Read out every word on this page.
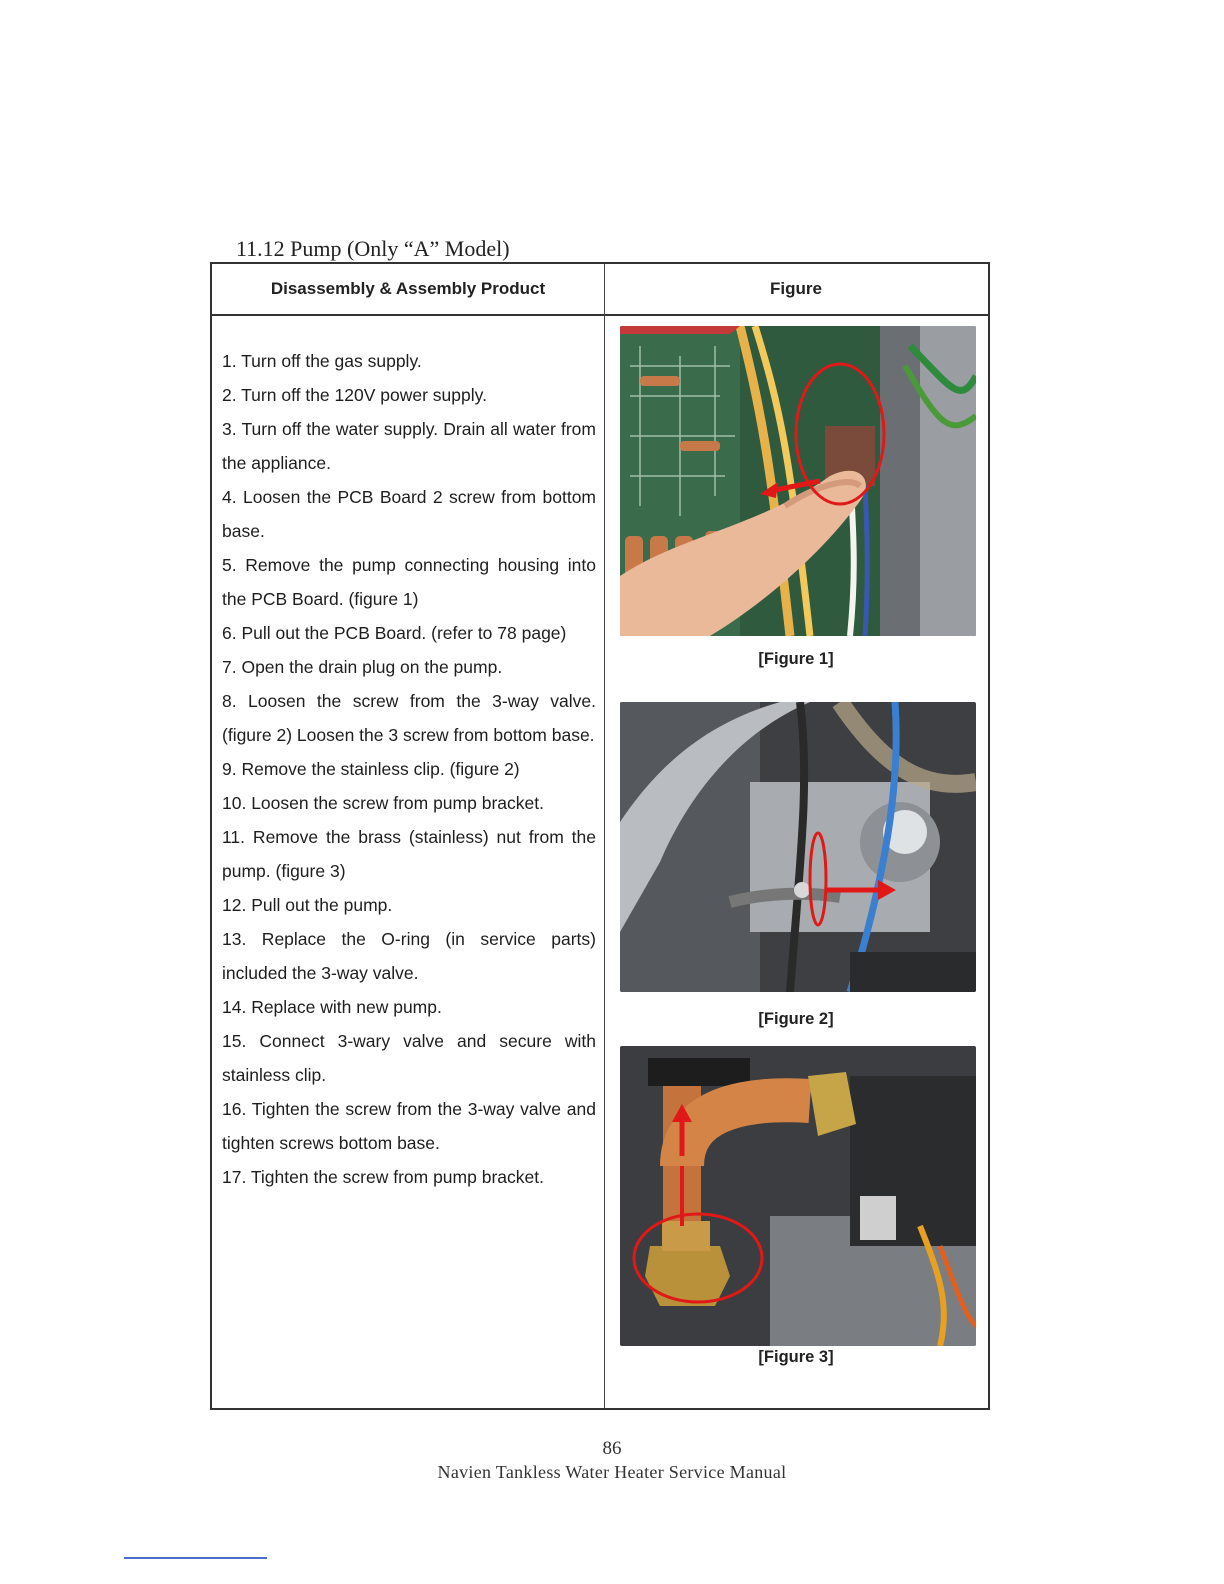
11.12 Pump (Only “A” Model)
Disassembly & Assembly Product	Figure
1. Turn off the gas supply.
2. Turn off the 120V power supply.
3. Turn off the water supply. Drain all water from the appliance.
4. Loosen the PCB Board 2 screw from bottom base.
5. Remove the pump connecting housing into the PCB Board. (figure 1)
6. Pull out the PCB Board. (refer to 78 page)
7. Open the drain plug on the pump.
8. Loosen the screw from the 3-way valve. (figure 2) Loosen the 3 screw from bottom base.
9. Remove the stainless clip. (figure 2)
10. Loosen the screw from pump bracket.
11. Remove the brass (stainless) nut from the pump. (figure 3)
12. Pull out the pump.
13. Replace the O-ring (in service parts) included the 3-way valve.
14. Replace with new pump.
15. Connect 3-wary valve and secure with stainless clip.
16. Tighten the screw from the 3-way valve and tighten screws bottom base.
17. Tighten the screw from pump bracket.
[Figure 1]
[Figure 2]
[Figure 3]
86
Navien Tankless Water Heater Service Manual
